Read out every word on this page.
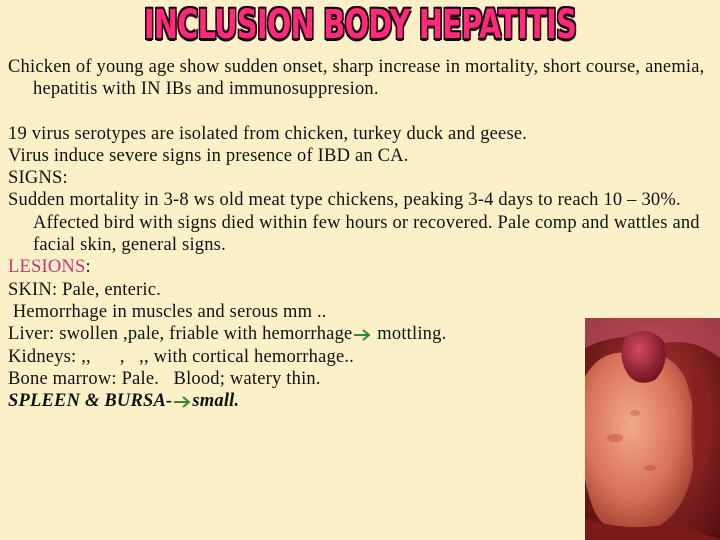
INCLUSION BODY HEPATITIS

Chicken of young age show sudden onset, sharp increase in mortality, short course, anemia, hepatitis with IN IBs and immunosuppresion.

19 virus serotypes are isolated from chicken, turkey duck and geese.

Virus induce severe signs in presence of IBD an CA.

SIGNS:

Sudden mortality in 3-8 ws old meat type chickens, peaking 3-4 days to reach 10 – 30%. Affected bird with signs died within few hours or recovered. Pale comp and wattles and facial skin, general signs.

LESIONS:

SKIN: Pale, enteric.

Hemorrhage in muscles and serous mm ..

Liver: swollen ,pale, friable with hemorrhage mottling.

Kidneys: ,,      ,   ,, with cortical hemorrhage..

Bone marrow: Pale.   Blood; watery thin.

SPLEEN & BURSA- small.
